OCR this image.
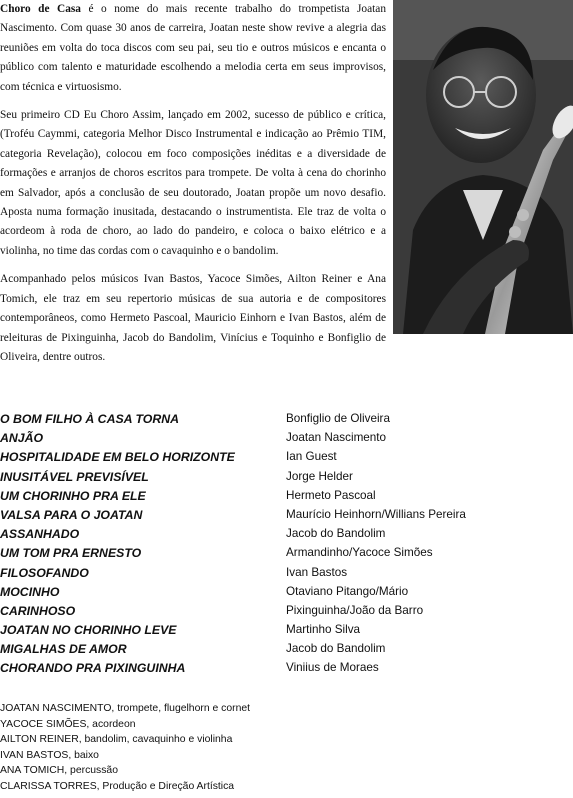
Choro de Casa é o nome do mais recente trabalho do trompetista Joatan Nascimento. Com quase 30 anos de carreira, Joatan neste show revive a alegria das reuniões em volta do toca discos com seu pai, seu tio e outros músicos e encanta o público com talento e maturidade escolhendo a melodia certa em seus improvisos, com técnica e virtuosismo.

Seu primeiro CD Eu Choro Assim, lançado em 2002, sucesso de público e crítica, (Troféu Caymmi, categoria Melhor Disco Instrumental e indicação ao Prêmio TIM, categoria Revelação), colocou em foco composições inéditas e a diversidade de formações e arranjos de choros escritos para trompete. De volta à cena do chorinho em Salvador, após a conclusão de seu doutorado, Joatan propõe um novo desafio. Aposta numa formação inusitada, destacando o instrumentista. Ele traz de volta o acordeom à roda de choro, ao lado do pandeiro, e coloca o baixo elétrico e a violinha, no time das cordas com o cavaquinho e o bandolim.

Acompanhado pelos músicos Ivan Bastos, Yacoce Simões, Ailton Reiner e Ana Tomich, ele traz em seu repertorio músicas de sua autoria e de compositores contemporâneos, como Hermeto Pascoal, Mauricio Einhorn e Ivan Bastos, além de releituras de Pixinguinha, Jacob do Bandolim, Vinícius e Toquinho e Bonfiglio de Oliveira, dentre outros.

O BOM FILHO À CASA TORNA	Bonfiglio de Oliveira
ANJÃO	Joatan Nascimento
HOSPITALIDADE EM BELO HORIZONTE	Ian Guest
INUSITÁVEL PREVISÍVEL	Jorge Helder
UM CHORINHO PRA ELE	Hermeto Pascoal
VALSA PARA O JOATAN	Maurício Heinhorn/Willians Pereira
ASSANHADO	Jacob do Bandolim
UM TOM PRA ERNESTO	Armandinho/Yacoce Simões
FILOSOFANDO	Ivan Bastos
MOCINHO	Otaviano Pitango/Mário
CARINHOSO	Pixinguinha/João da Barro
JOATAN NO CHORINHO LEVE	Martinho Silva
MIGALHAS DE AMOR	Jacob do Bandolim
CHORANDO PRA PIXINGUINHA	Viniius de Moraes
JOATAN NASCIMENTO, trompete, flugelhorn e cornet
YACOCE SIMÕES, acordeon
AILTON REINER, bandolim, cavaquinho e violinha
IVAN BASTOS, baixo
ANA TOMICH, percussão
CLARISSA TORRES, Produção e Direção Artística
